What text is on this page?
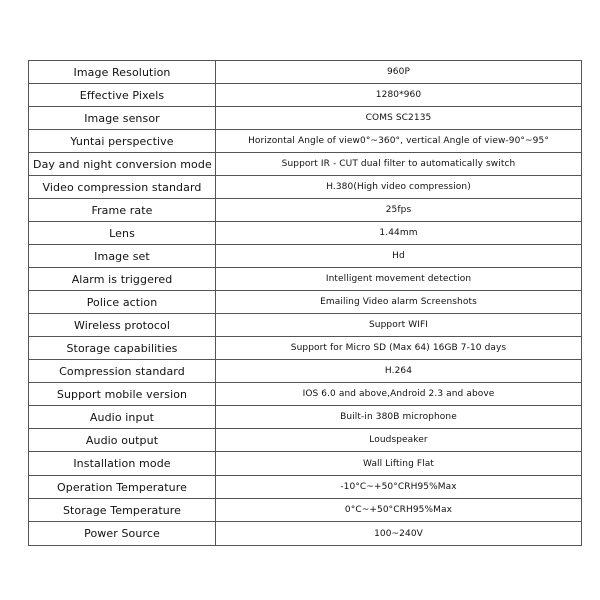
Image Resolution	960P
Effective Pixels	1280*960
Image sensor	COMS SC2135
Yuntai perspective	Horizontal Angle of view0°~360°, vertical Angle of view-90°~95°
Day and night conversion mode	Support IR - CUT dual filter to automatically switch
Video compression standard	H.380(High video compression)
Frame rate	25fps
Lens	1.44mm
Image set	Hd
Alarm is triggered	Intelligent movement detection
Police action	Emailing Video alarm Screenshots
Wireless protocol	Support WIFI
Storage capabilities	Support for Micro SD (Max 64) 16GB 7-10 days
Compression standard	H.264
Support mobile version	IOS 6.0 and above,Android 2.3 and above
Audio input	Built-in 380B microphone
Audio output	Loudspeaker
Installation mode	Wall Lifting Flat
Operation Temperature	-10°C~+50°CRH95%Max
Storage Temperature	0°C~+50°CRH95%Max
Power Source	100~240V
